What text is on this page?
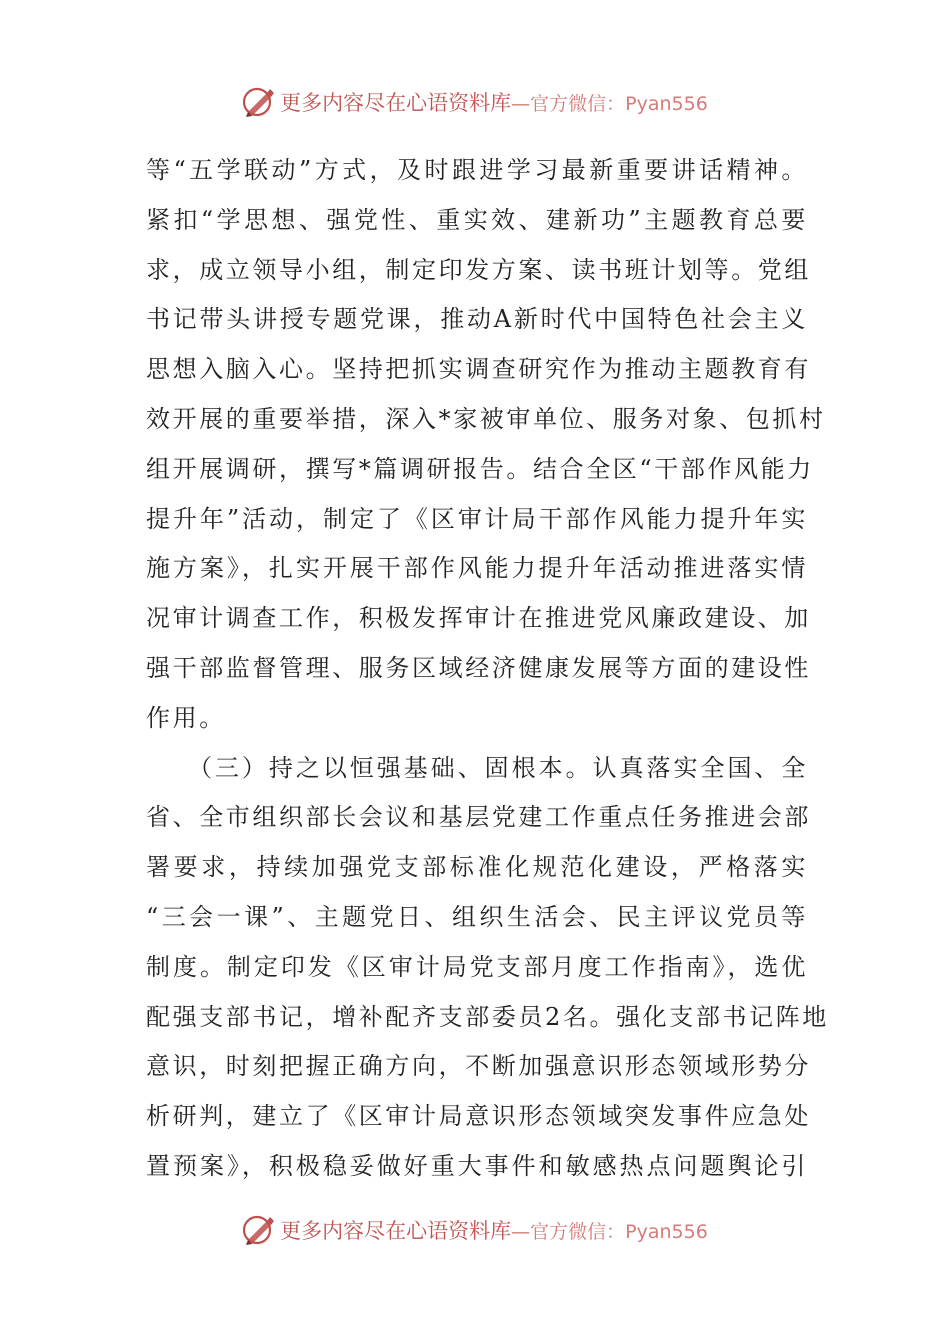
更多内容尽在心语资料库 —官方微信：Pyan556

等“五学联动”方式，及时跟进学习最新重要讲话精神。
紧扣“学思想、强党性、重实效、建新功”主题教育总要
求，成立领导小组，制定印发方案、读书班计划等。党组
书记带头讲授专题党课，推动A新时代中国特色社会主义
思想入脑入心。坚持把抓实调查研究作为推动主题教育有
效开展的重要举措，深入*家被审单位、服务对象、包抓村
组开展调研，撰写*篇调研报告。结合全区“干部作风能力
提升年”活动，制定了《区审计局干部作风能力提升年实
施方案》，扎实开展干部作风能力提升年活动推进落实情
况审计调查工作，积极发挥审计在推进党风廉政建设、加
强干部监督管理、服务区域经济健康发展等方面的建设性
作用。

　　（三）持之以恒强基础、固根本。认真落实全国、全
省、全市组织部长会议和基层党建工作重点任务推进会部
署要求，持续加强党支部标准化规范化建设，严格落实
“三会一课”、主题党日、组织生活会、民主评议党员等
制度。制定印发《区审计局党支部月度工作指南》，选优
配强支部书记，增补配齐支部委员2名。强化支部书记阵地
意识，时刻把握正确方向，不断加强意识形态领域形势分
析研判，建立了《区审计局意识形态领域突发事件应急处
置预案》，积极稳妥做好重大事件和敏感热点问题舆论引

更多内容尽在心语资料库 —官方微信：Pyan556
